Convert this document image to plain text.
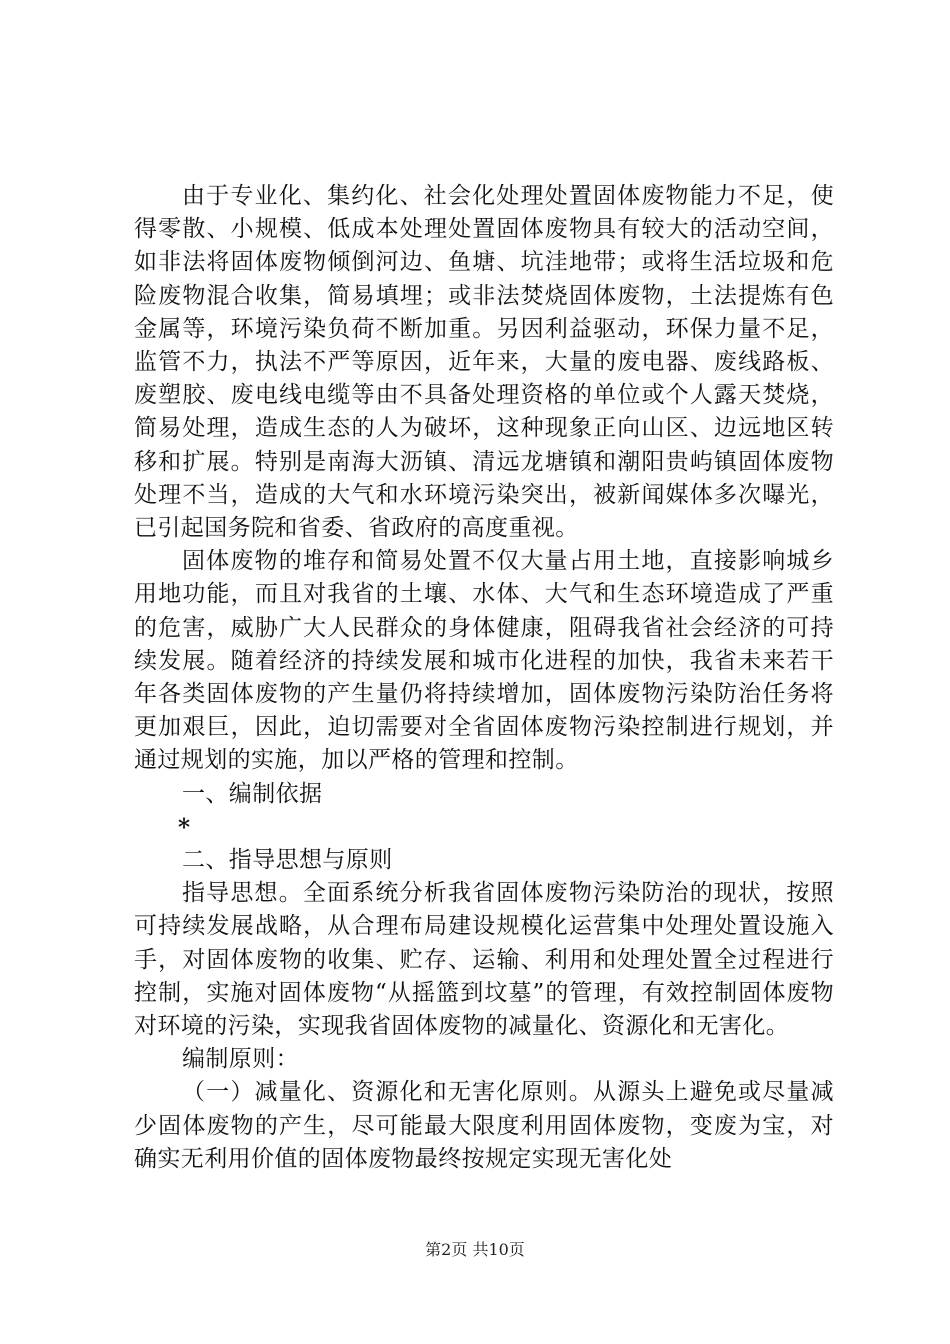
由于专业化、集约化、社会化处理处置固体废物能力不足，使得零散、小规模、低成本处理处置固体废物具有较大的活动空间，如非法将固体废物倾倒河边、鱼塘、坑洼地带；或将生活垃圾和危险废物混合收集，简易填埋；或非法焚烧固体废物，土法提炼有色金属等，环境污染负荷不断加重。另因利益驱动，环保力量不足，监管不力，执法不严等原因，近年来，大量的废电器、废线路板、废塑胶、废电线电缆等由不具备处理资格的单位或个人露天焚烧，简易处理，造成生态的人为破坏，这种现象正向山区、边远地区转移和扩展。特别是南海大沥镇、清远龙塘镇和潮阳贵屿镇固体废物处理不当，造成的大气和水环境污染突出，被新闻媒体多次曝光，已引起国务院和省委、省政府的高度重视。

固体废物的堆存和简易处置不仅大量占用土地，直接影响城乡用地功能，而且对我省的土壤、水体、大气和生态环境造成了严重的危害，威胁广大人民群众的身体健康，阻碍我省社会经济的可持续发展。随着经济的持续发展和城市化进程的加快，我省未来若干年各类固体废物的产生量仍将持续增加，固体废物污染防治任务将更加艰巨，因此，迫切需要对全省固体废物污染控制进行规划，并通过规划的实施，加以严格的管理和控制。

一、编制依据

*

二、指导思想与原则

指导思想。全面系统分析我省固体废物污染防治的现状，按照可持续发展战略，从合理布局建设规模化运营集中处理处置设施入手，对固体废物的收集、贮存、运输、利用和处理处置全过程进行控制，实施对固体废物“从摇篮到坟墓”的管理，有效控制固体废物对环境的污染，实现我省固体废物的减量化、资源化和无害化。

编制原则：

（一）减量化、资源化和无害化原则。从源头上避免或尽量减少固体废物的产生，尽可能最大限度利用固体废物，变废为宝，对确实无利用价值的固体废物最终按规定实现无害化处

第2页 共10页
